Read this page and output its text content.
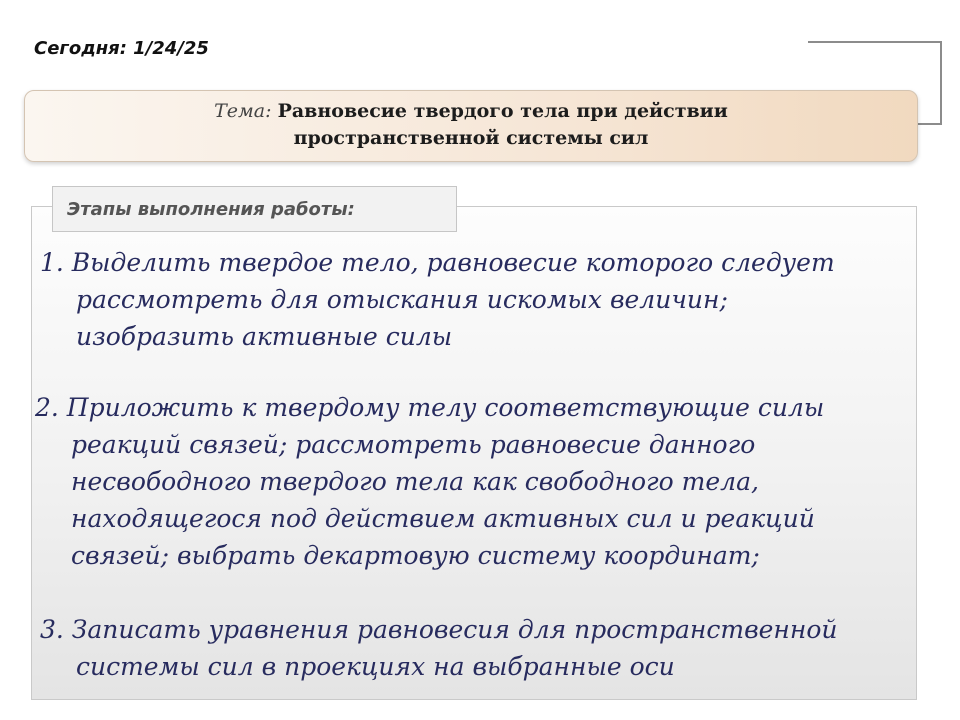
Сегодня: 1/24/25
Тема: Равновесие твердого тела при действии
пространственной системы сил
Этапы выполнения работы:
1. Выделить твердое тело, равновесие которого следует
рассмотреть для отыскания искомых величин;
изобразить активные силы
2. Приложить к твердому телу соответствующие силы
реакций связей; рассмотреть равновесие данного
несвободного твердого тела как свободного тела,
находящегося под действием активных сил и реакций
связей; выбрать декартовую систему координат;
3. Записать уравнения равновесия для пространственной
системы сил в проекциях на выбранные оси
